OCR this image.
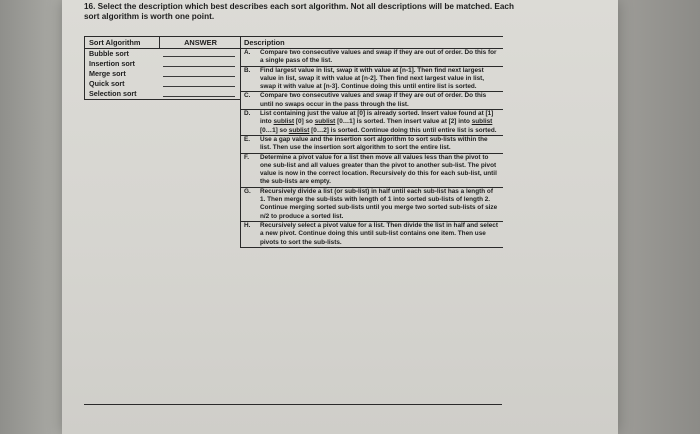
16. Select the description which best describes each sort algorithm. Not all descriptions will be matched. Each sort algorithm is worth one point.
Sort Algorithm	ANSWER
Bubble sort
Insertion sort
Merge sort
Quick sort
Selection sort
Description
A. Compare two consecutive values and swap if they are out of order. Do this for a single pass of the list.
B. Find largest value in list, swap it with value at [n-1]. Then find next largest value in list, swap it with value at [n-2]. Then find next largest value in list, swap it with value at [n-3]. Continue doing this until entire list is sorted.
C. Compare two consecutive values and swap if they are out of order. Do this until no swaps occur in the pass through the list.
D. List containing just the value at [0] is already sorted. Insert value found at [1] into sublist [0] so sublist [0…1] is sorted. Then insert value at [2] into sublist [0…1] so sublist [0…2] is sorted. Continue doing this until entire list is sorted.
E. Use a gap value and the insertion sort algorithm to sort sub-lists within the list. Then use the insertion sort algorithm to sort the entire list.
F. Determine a pivot value for a list then move all values less than the pivot to one sub-list and all values greater than the pivot to another sub-list. The pivot value is now in the correct location. Recursively do this for each sub-list, until the sub-lists are empty.
G. Recursively divide a list (or sub-list) in half until each sub-list has a length of 1. Then merge the sub-lists with length of 1 into sorted sub-lists of length 2. Continue merging sorted sub-lists until you merge two sorted sub-lists of size n/2 to produce a sorted list.
H. Recursively select a pivot value for a list. Then divide the list in half and select a new pivot. Continue doing this until sub-list contains one item. Then use pivots to sort the sub-lists.
